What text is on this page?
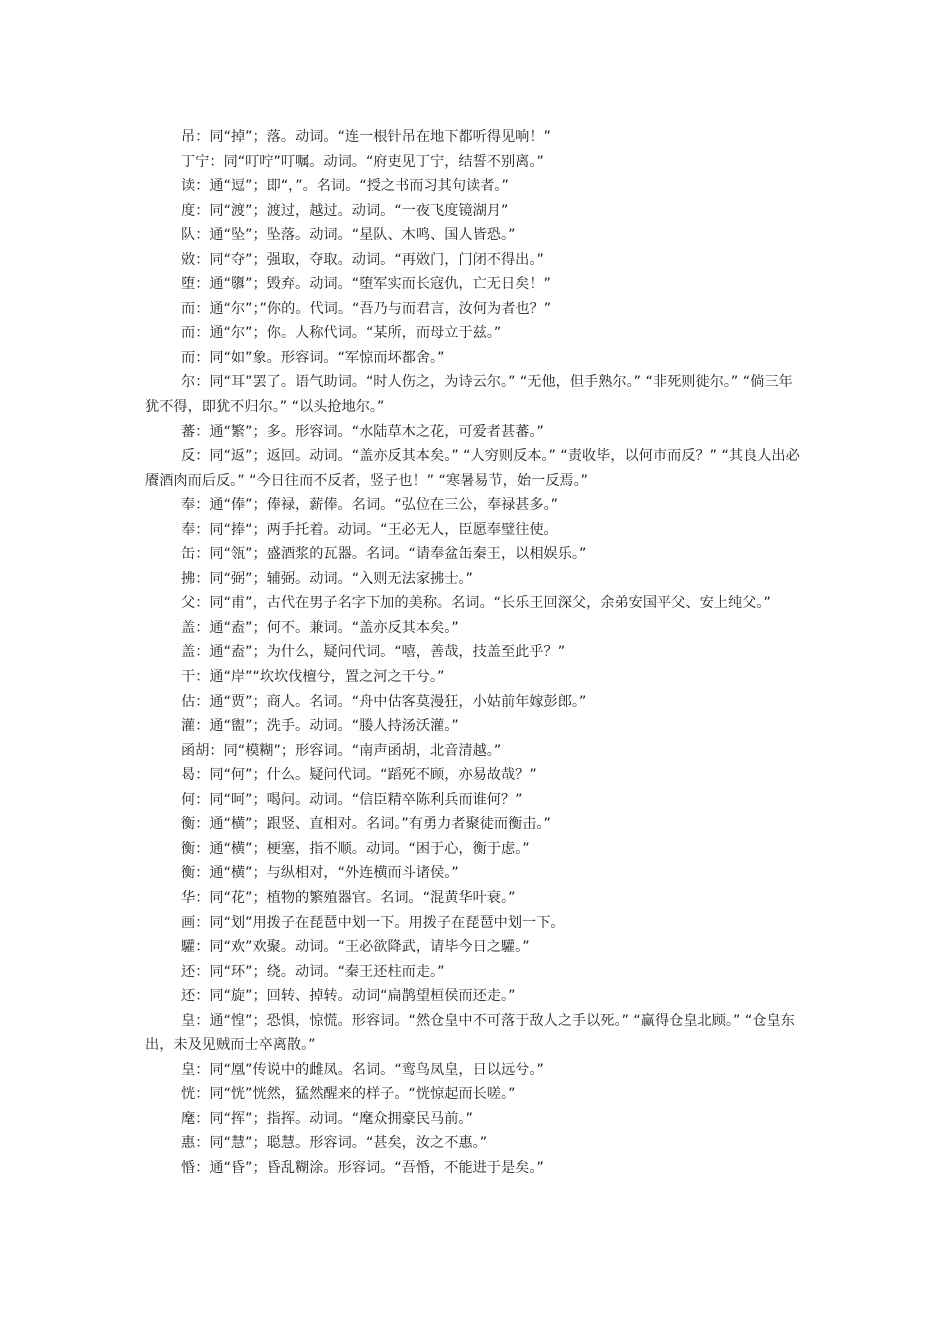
吊：同“掉”；落。动词。“连一根针吊在地下都听得见响！”

丁宁：同“叮咛”叮嘱。动词。“府吏见丁宁，结誓不别离。”

读：通“逗”；即“，”。名词。“授之书而习其句读者。”

度：同“渡”；渡过，越过。动词。“一夜飞度镜湖月”

队：通“坠”；坠落。动词。“星队、木鸣、国人皆恐。”

敚：同“夺”；强取，夺取。动词。“再敚门，门闭不得出。”

堕：通“隳”；毁弃。动词。“堕军实而长寇仇，亡无日矣！”

而：通“尔”；”你的。代词。“吾乃与而君言，汝何为者也？”

而：通“尔”；你。人称代词。“某所，而母立于兹。”

而：同“如”象。形容词。“军惊而坏都舍。”

尔：同“耳”罢了。语气助词。“时人伤之，为诗云尔。” “无他，但手熟尔。” “非死则徙尔。” “倘三年犹不得，即犹不归尔。” “以头抢地尔。”

蕃：通“繁”；多。形容词。“水陆草木之花，可爱者甚蕃。”

反：同“返”；返回。动词。“盖亦反其本矣。” “人穷则反本。” “责收毕，以何市而反？” “其良人出必餍酒肉而后反。” “今日往而不反者，竖子也！” “寒暑易节，始一反焉。”

奉：通“俸”；俸禄，薪俸。名词。“弘位在三公，奉禄甚多。”

奉：同“捧“；两手托着。动词。“王必无人，臣愿奉璧往使。

缶：同“瓴”；盛酒浆的瓦器。名词。“请奉盆缶秦王，以相娱乐。”

拂：同“弼”；辅弼。动词。“入则无法家拂士。”

父：同“甫”，古代在男子名字下加的美称。名词。“长乐王回深父，余弟安国平父、安上纯父。”

盖：通“盍”；何不。兼词。“盖亦反其本矣。”

盖：通“盍”；为什么，疑问代词。“嘻，善哉，技盖至此乎？”

干：通“岸”“坎坎伐檀兮，置之河之干兮。”

估：通“贾”；商人。名词。“舟中估客莫漫狂，小姑前年嫁彭郎。”

灌：通“盥”；洗手。动词。“媵人持汤沃灌。”

函胡：同“模糊”；形容词。“南声函胡，北音清越。”

曷：同“何”；什么。疑问代词。“蹈死不顾，亦易故哉？”

何：同“呵”；喝问。动词。“信臣精卒陈利兵而谁何？”

衡：通“横”；跟竖、直相对。名词。”有勇力者聚徒而衡击。”

衡：通“横”；梗塞，指不顺。动词。“困于心，衡于虑。”

衡：通“横”；与纵相对，“外连横而斗诸侯。”

华：同“花”；植物的繁殖器官。名词。“混黄华叶衰。”

画：同“划”用拨子在琵琶中划一下。用拨子在琵琶中划一下。

驩：同“欢”欢聚。动词。“王必欲降武，请毕今日之驩。”

还：同“环”；绕。动词。“秦王还柱而走。”

还：同“旋”；回转、掉转。动词“扁鹊望桓侯而还走。”

皇：通“惶”；恐惧，惊慌。形容词。“然仓皇中不可落于敌人之手以死。” “赢得仓皇北顾。” “仓皇东出，未及见贼而士卒离散。”

皇：同“凰”传说中的雌凤。名词。“鸾鸟凤皇，日以远兮。”

恍：同“恍”恍然，猛然醒来的样子。“恍惊起而长嗟。”

麾：同“挥”；指挥。动词。“麾众拥豪民马前。”

惠：同“慧”；聪慧。形容词。“甚矣，汝之不惠。”

惛：通“昏”；昏乱糊涂。形容词。“吾惛，不能进于是矣。”
